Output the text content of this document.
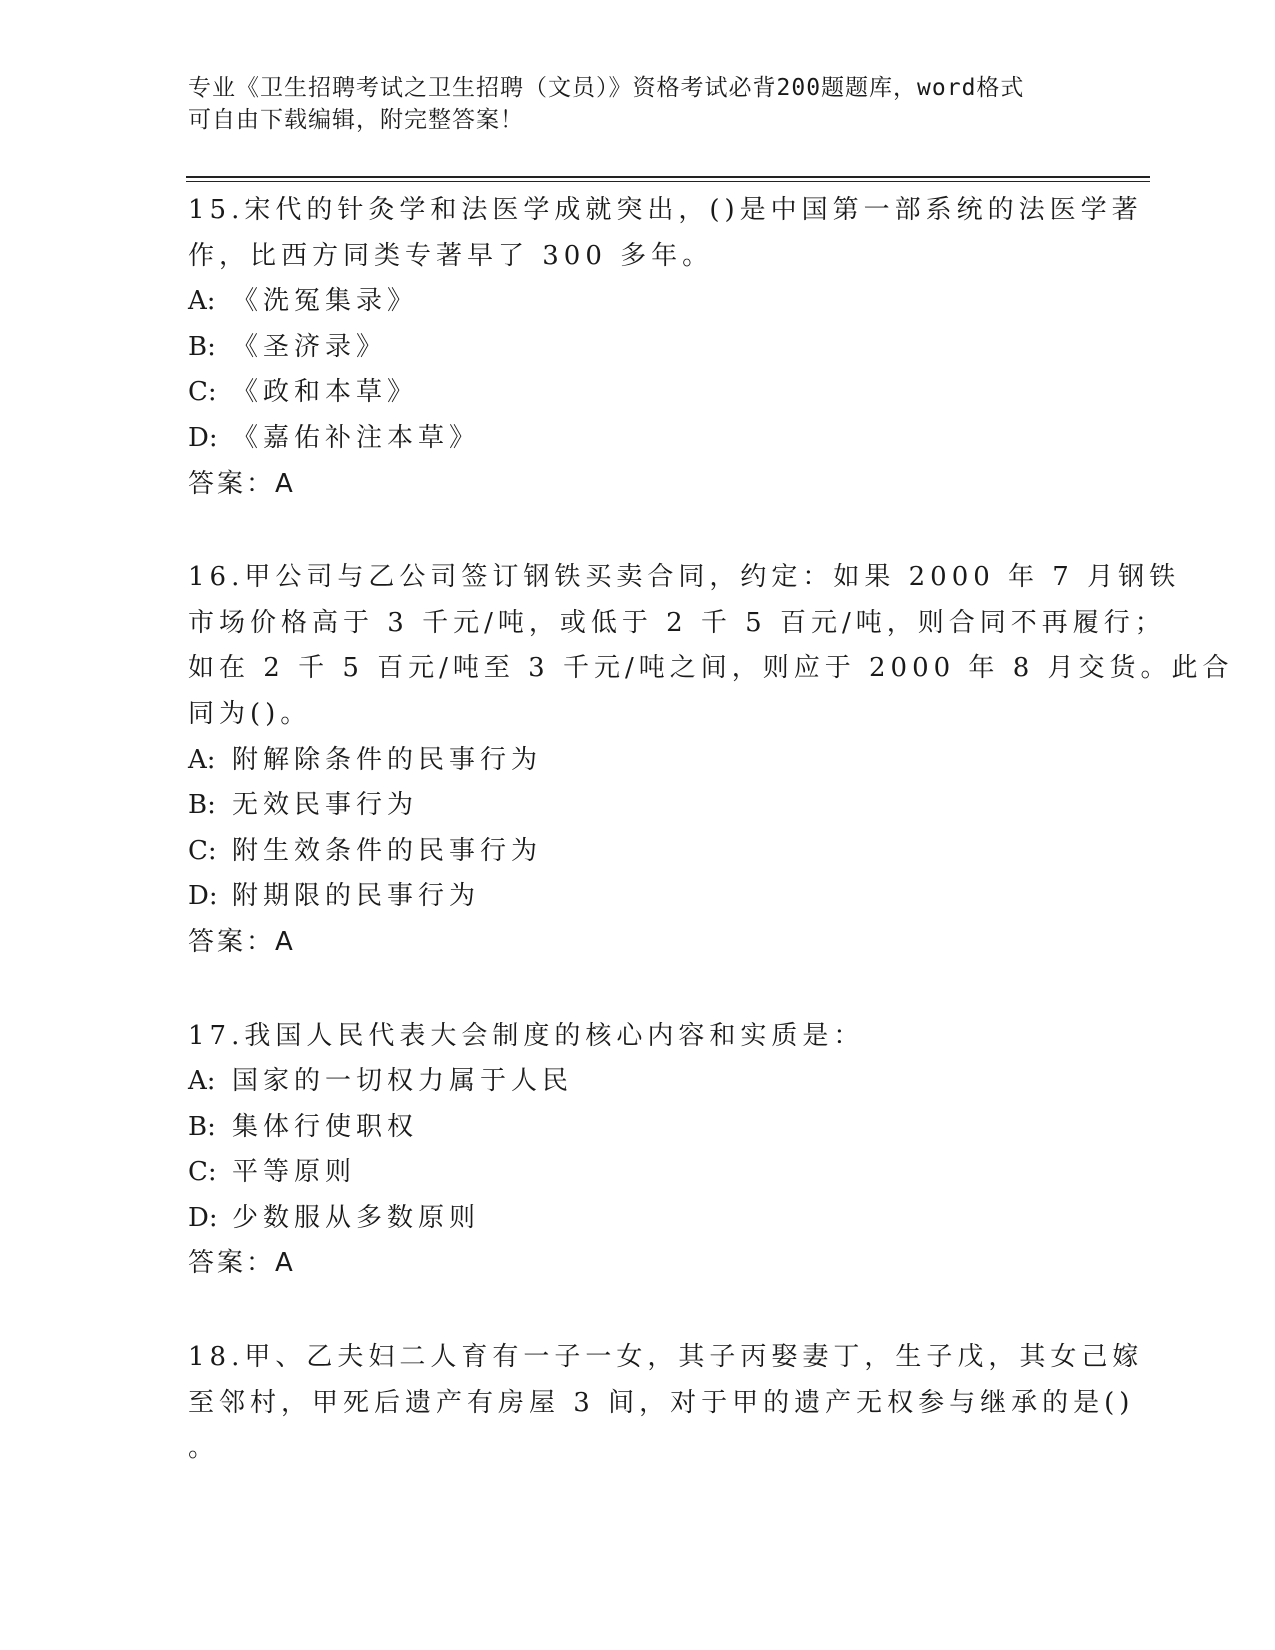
专业《卫生招聘考试之卫生招聘（文员）》资格考试必背200题题库，word格式
可自由下载编辑，附完整答案！
15.宋代的针灸学和法医学成就突出，()是中国第一部系统的法医学著
作，比西方同类专著早了 300 多年。
A: 《洗冤集录》
B: 《圣济录》
C: 《政和本草》
D: 《嘉佑补注本草》
答案：A
16.甲公司与乙公司签订钢铁买卖合同，约定：如果 2000 年 7 月钢铁
市场价格高于 3 千元/吨，或低于 2 千 5 百元/吨，则合同不再履行；
如在 2 千 5 百元/吨至 3 千元/吨之间，则应于 2000 年 8 月交货。此合
同为()。
A: 附解除条件的民事行为
B: 无效民事行为
C: 附生效条件的民事行为
D: 附期限的民事行为
答案：A
17.我国人民代表大会制度的核心内容和实质是：
A: 国家的一切权力属于人民
B: 集体行使职权
C: 平等原则
D: 少数服从多数原则
答案：A
18.甲、乙夫妇二人育有一子一女，其子丙娶妻丁，生子戊，其女己嫁
至邻村，甲死后遗产有房屋 3 间，对于甲的遗产无权参与继承的是()
。
